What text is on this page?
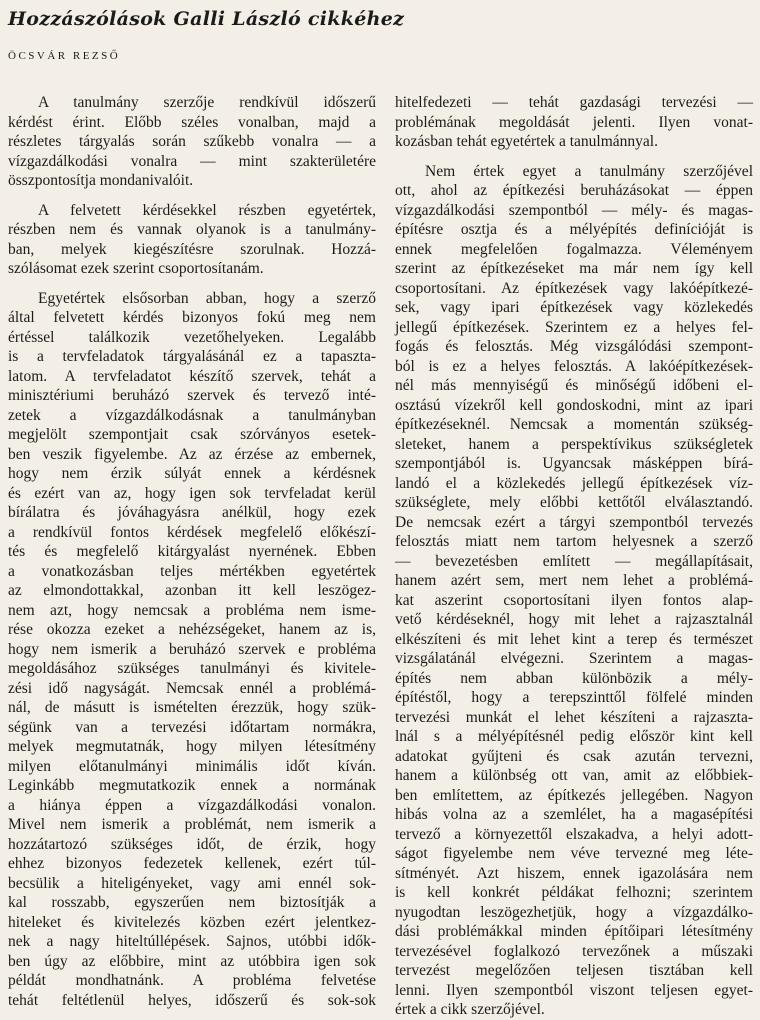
Hozzászólások Galli László cikkéhez
ÖCSVÁR REZSŐ
A tanulmány szerzője rendkívül időszerű
kérdést érint. Előbb széles vonalban, majd a
részletes tárgyalás során szűkebb vonalra — a
vízgazdálkodási vonalra — mint szakterületére
összpontosítja mondanivalóit.
A felvetett kérdésekkel részben egyetértek,
részben nem és vannak olyanok is a tanulmány-
ban, melyek kiegészítésre szorulnak. Hozzá-
szólásomat ezek szerint csoportosítanám.
Egyetértek elsősorban abban, hogy a szerző
által felvetett kérdés bizonyos fokú meg nem
értéssel találkozik vezetőhelyeken. Legalább
is a tervfeladatok tárgyalásánál ez a tapaszta-
latom. A tervfeladatot készítő szervek, tehát a
minisztériumi beruházó szervek és tervező inté-
zetek a vízgazdálkodásnak a tanulmányban
megjelölt szempontjait csak szórványos esetek-
ben veszik figyelembe. Az az érzése az embernek,
hogy nem érzik súlyát ennek a kérdésnek
és ezért van az, hogy igen sok tervfeladat kerül
bírálatra és jóváhagyásra anélkül, hogy ezek
a rendkívül fontos kérdések megfelelő előkészí-
tés és megfelelő kitárgyalást nyernének. Ebben
a vonatkozásban teljes mértékben egyetértek
az elmondottakkal, azonban itt kell leszögez-
nem azt, hogy nemcsak a probléma nem isme-
rése okozza ezeket a nehézségeket, hanem az is,
hogy nem ismerik a beruházó szervek e probléma
megoldásához szükséges tanulmányi és kivitele-
zési idő nagyságát. Nemcsak ennél a problémá-
nál, de másutt is ismételten érezzük, hogy szük-
ségünk van a tervezési időtartam normákra,
melyek megmutatnák, hogy milyen létesítmény
milyen előtanulmányi minimális időt kíván.
Leginkább megmutatkozik ennek a normának
a hiánya éppen a vízgazdálkodási vonalon.
Mivel nem ismerik a problémát, nem ismerik a
hozzátartozó szükséges időt, de érzik, hogy
ehhez bizonyos fedezetek kellenek, ezért túl-
becsülik a hiteligényeket, vagy ami ennél sok-
kal rosszabb, egyszerűen nem biztosítják a
hiteleket és kivitelezés közben ezért jelentkez-
nek a nagy hiteltúllépések. Sajnos, utóbbi idők-
ben úgy az előbbire, mint az utóbbira igen sok
példát mondhatnánk. A probléma felvetése
tehát feltétlenül helyes, időszerű és sok-sok
hitelfedezeti — tehát gazdasági tervezési —
problémának megoldását jelenti. Ilyen vonat-
kozásban tehát egyetértek a tanulmánnyal.
Nem értek egyet a tanulmány szerzőjével
ott, ahol az építkezési beruházásokat — éppen
vízgazdálkodási szempontból — mély- és magas-
építésre osztja és a mélyépítés definícióját is
ennek megfelelően fogalmazza. Véleményem
szerint az építkezéseket ma már nem így kell
csoportosítani. Az építkezések vagy lakóépítkezé-
sek, vagy ipari építkezések vagy közlekedés
jellegű építkezések. Szerintem ez a helyes fel-
fogás és felosztás. Még vizsgálódási szempont-
ból is ez a helyes felosztás. A lakóépítkezések-
nél más mennyiségű és minőségű időbeni el-
osztású vízekről kell gondoskodni, mint az ipari
építkezéseknél. Nemcsak a momentán szükség-
sleteket, hanem a perspektívikus szükségletek
szempontjából is. Ugyancsak másképpen bírá-
landó el a közlekedés jellegű építkezések víz-
szükséglete, mely előbbi kettőtől elválasztandó.
De nemcsak ezért a tárgyi szempontból tervezés
felosztás miatt nem tartom helyesnek a szerző
— bevezetésben említett — megállapításait,
hanem azért sem, mert nem lehet a problémá-
kat aszerint csoportosítani ilyen fontos alap-
vető kérdéseknél, hogy mit lehet a rajzasztalnál
elkészíteni és mit lehet kint a terep és természet
vizsgálatánál elvégezni. Szerintem a magas-
építés nem abban különbözik a mély-
építéstől, hogy a terepszinttől fölfelé minden
tervezési munkát el lehet készíteni a rajzaszta-
lnál s a mélyépítésnél pedig először kint kell
adatokat gyűjteni és csak azután tervezni,
hanem a különbség ott van, amit az előbbiek-
ben említettem, az építkezés jellegében. Nagyon
hibás volna az a szemlélet, ha a magasépítési
tervező a környezettől elszakadva, a helyi adott-
ságot figyelembe nem véve tervezné meg léte-
sítményét. Azt hiszem, ennek igazolására nem
is kell konkrét példákat felhozni; szerintem
nyugodtan leszögezhetjük, hogy a vízgazdálko-
dási problémákkal minden építőipari létesítmény
tervezésével foglalkozó tervezőnek a műszaki
tervezést megelőzően teljesen tisztában kell
lenni. Ilyen szempontból viszont teljesen egyet-
értek a cikk szerzőjével.
